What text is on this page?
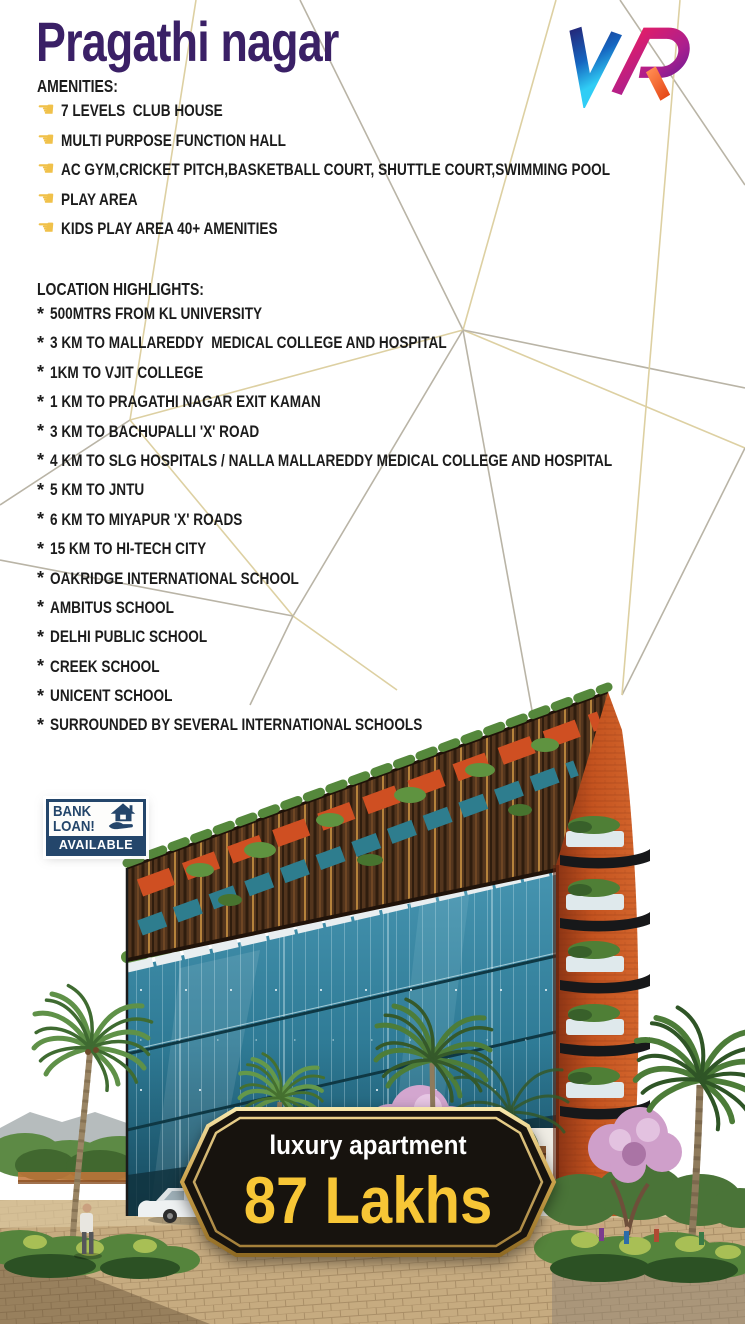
Pragathi nagar
AMENITIES:
☚ 7 LEVELS  CLUB HOUSE
☚ MULTI PURPOSE FUNCTION HALL
☚ AC GYM,CRICKET PITCH,BASKETBALL COURT, SHUTTLE COURT,SWIMMING POOL
☚ PLAY AREA
☚ KIDS PLAY AREA 40+ AMENITIES
LOCATION HIGHLIGHTS:
* 500MTRS FROM KL UNIVERSITY
* 3 KM TO MALLAREDDY  MEDICAL COLLEGE AND HOSPITAL
* 1KM TO VJIT COLLEGE
* 1 KM TO PRAGATHI NAGAR EXIT KAMAN
* 3 KM TO BACHUPALLI 'X' ROAD
* 4 KM TO SLG HOSPITALS / NALLA MALLAREDDY MEDICAL COLLEGE AND HOSPITAL
* 5 KM TO JNTU
* 6 KM TO MIYAPUR 'X' ROADS
* 15 KM TO HI-TECH CITY
* OAKRIDGE INTERNATIONAL SCHOOL
* AMBITUS SCHOOL
* DELHI PUBLIC SCHOOL
* CREEK SCHOOL
* UNICENT SCHOOL
* SURROUNDED BY SEVERAL INTERNATIONAL SCHOOLS
BANK
LOAN!
AVAILABLE
luxury apartment
87 Lakhs
